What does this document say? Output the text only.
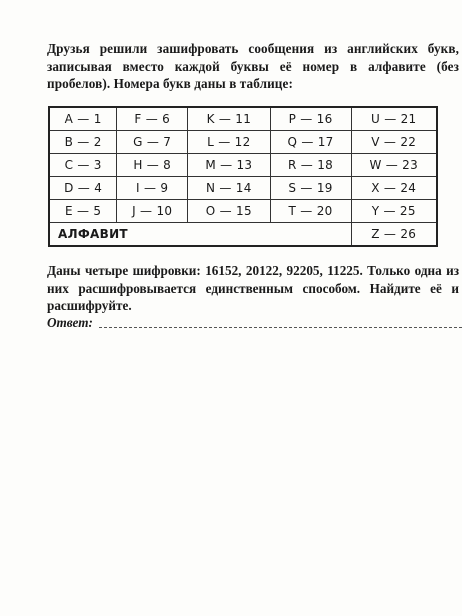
Друзья решили зашифровать сообщения из английских букв, записывая вместо каждой буквы её номер в алфавите (без пробелов). Номера букв даны в таблице:

A — 1	F — 6	K — 11	P — 16	U — 21
B — 2	G — 7	L — 12	Q — 17	V — 22
C — 3	H — 8	M — 13	R — 18	W — 23
D — 4	I — 9	N — 14	S — 19	X — 24
E — 5	J — 10	O — 15	T — 20	Y — 25
АЛФАВИТ				Z — 26

Даны четыре шифровки: 16152, 20122, 92205, 11225. Только одна из них расшифровывается единственным способом. Найдите её и расшифруйте.

Ответ:
